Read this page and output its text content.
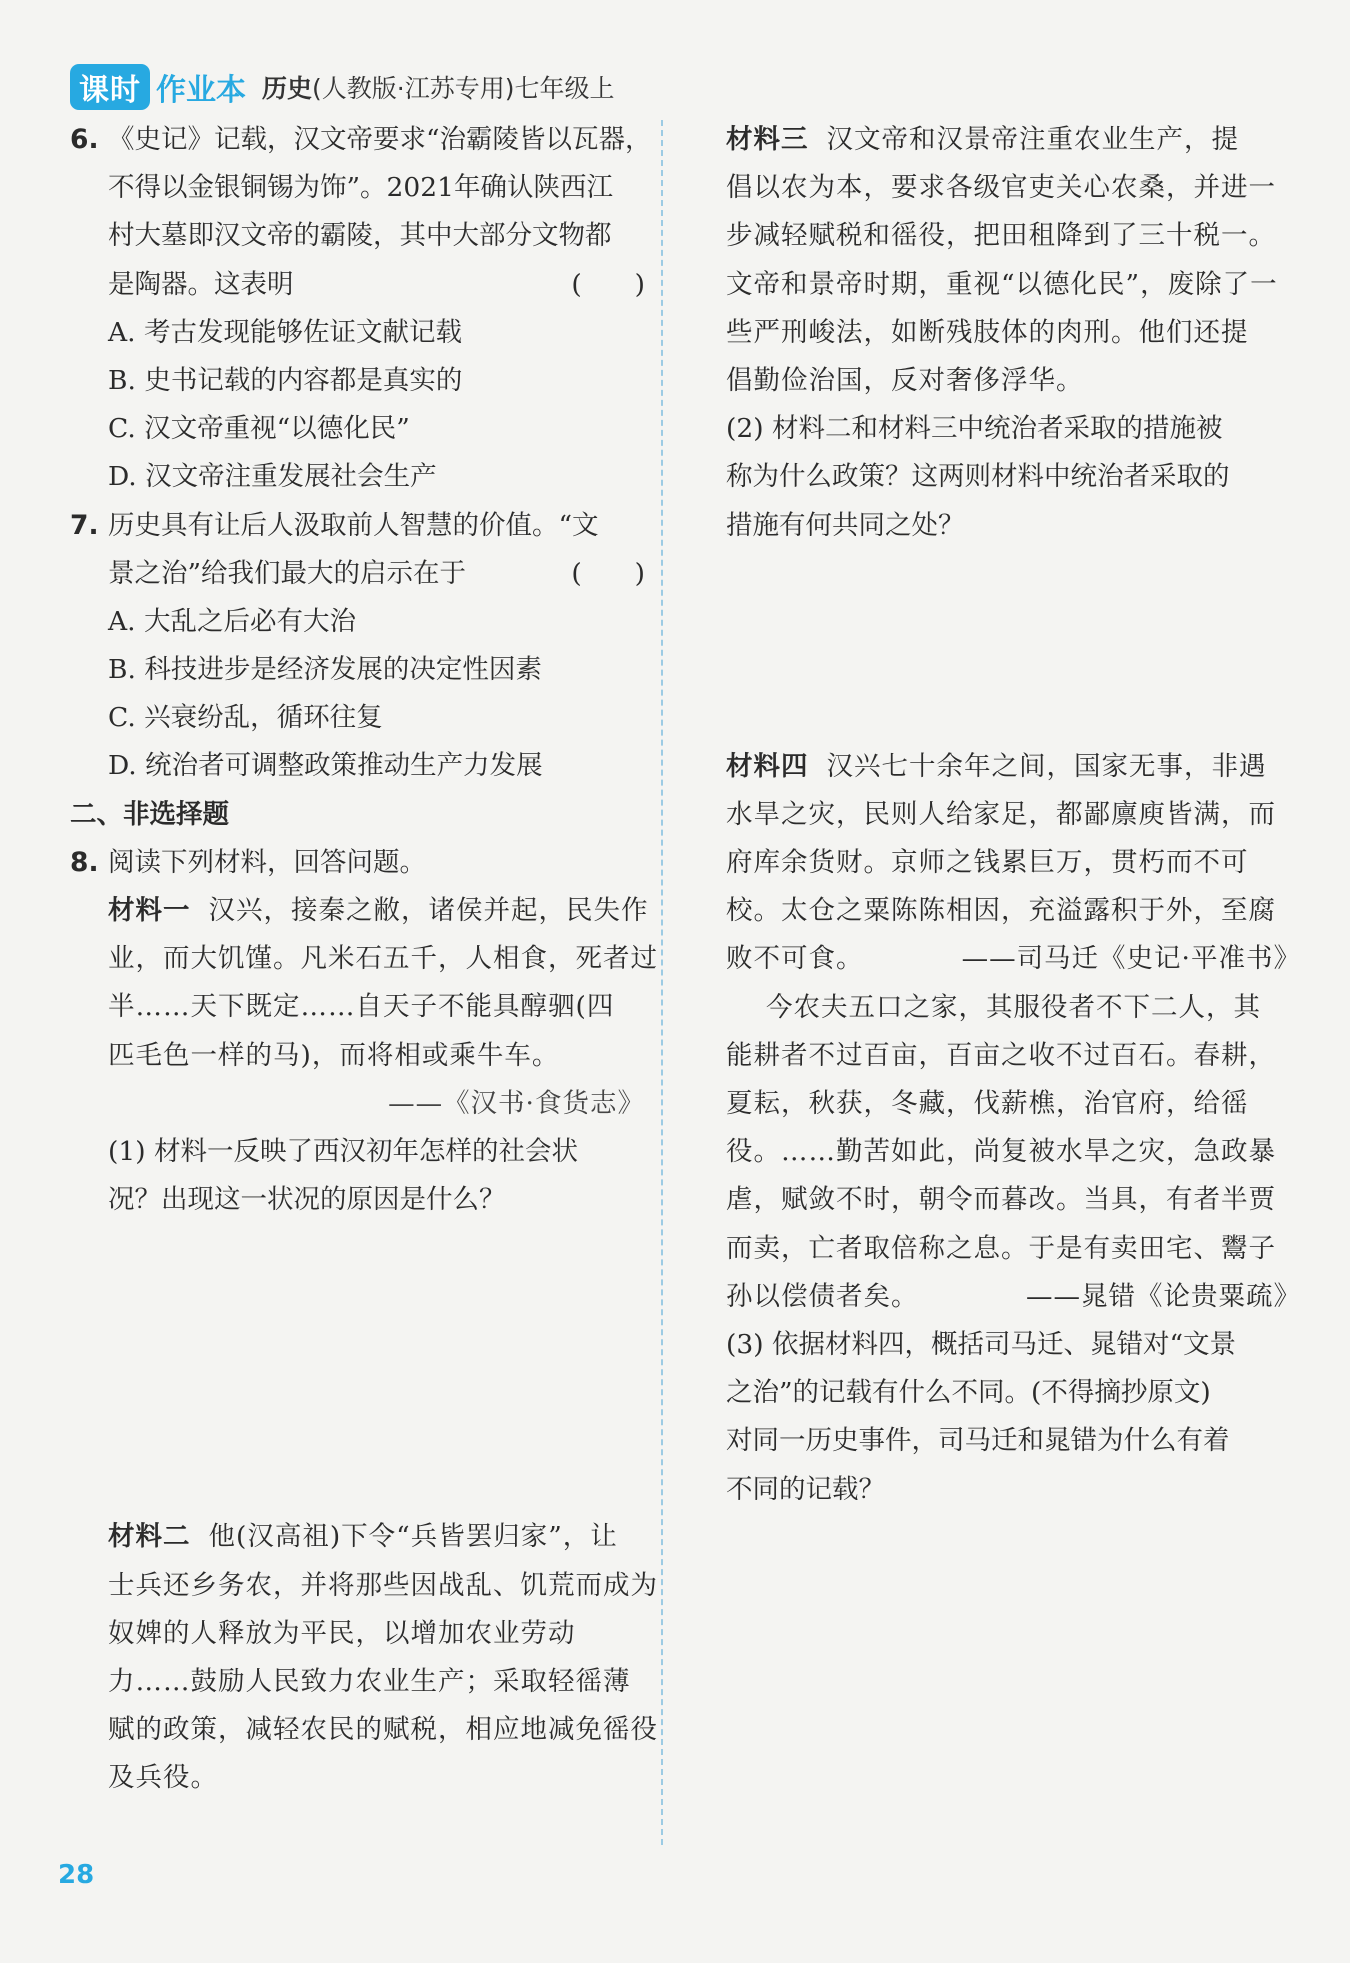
课时 作业本 历史(人教版·江苏专用)七年级上
6. 《史记》记载，汉文帝要求“治霸陵皆以瓦器，
不得以金银铜锡为饰”。2021年确认陕西江
村大墓即汉文帝的霸陵，其中大部分文物都
是陶器。这表明	(　　)
A. 考古发现能够佐证文献记载
B. 史书记载的内容都是真实的
C. 汉文帝重视“以德化民”
D. 汉文帝注重发展社会生产
7. 历史具有让后人汲取前人智慧的价值。“文
景之治”给我们最大的启示在于	(　　)
A. 大乱之后必有大治
B. 科技进步是经济发展的决定性因素
C. 兴衰纷乱，循环往复
D. 统治者可调整政策推动生产力发展
二、非选择题
8. 阅读下列材料，回答问题。
材料一 汉兴，接秦之敝，诸侯并起，民失作
业，而大饥馑。凡米石五千，人相食，死者过
半……天下既定……自天子不能具醇驷(四
匹毛色一样的马)，而将相或乘牛车。
——《汉书·食货志》
(1) 材料一反映了西汉初年怎样的社会状
况？出现这一状况的原因是什么？
材料二 他(汉高祖)下令“兵皆罢归家”，让
士兵还乡务农，并将那些因战乱、饥荒而成为
奴婢的人释放为平民，以增加农业劳动
力……鼓励人民致力农业生产；采取轻徭薄
赋的政策，减轻农民的赋税，相应地减免徭役
及兵役。
材料三 汉文帝和汉景帝注重农业生产，提
倡以农为本，要求各级官吏关心农桑，并进一
步减轻赋税和徭役，把田租降到了三十税一。
文帝和景帝时期，重视“以德化民”，废除了一
些严刑峻法，如断残肢体的肉刑。他们还提
倡勤俭治国，反对奢侈浮华。
(2) 材料二和材料三中统治者采取的措施被
称为什么政策？这两则材料中统治者采取的
措施有何共同之处？
材料四 汉兴七十余年之间，国家无事，非遇
水旱之灾，民则人给家足，都鄙廪庾皆满，而
府库余货财。京师之钱累巨万，贯朽而不可
校。太仓之粟陈陈相因，充溢露积于外，至腐
败不可食。	——司马迁《史记·平准书》
今农夫五口之家，其服役者不下二人，其
能耕者不过百亩，百亩之收不过百石。春耕，
夏耘，秋获，冬藏，伐薪樵，治官府，给徭
役。……勤苦如此，尚复被水旱之灾，急政暴
虐，赋敛不时，朝令而暮改。当具，有者半贾
而卖，亡者取倍称之息。于是有卖田宅、鬻子
孙以偿债者矣。	——晁错《论贵粟疏》
(3) 依据材料四，概括司马迁、晁错对“文景
之治”的记载有什么不同。(不得摘抄原文)
对同一历史事件，司马迁和晁错为什么有着
不同的记载？
28
